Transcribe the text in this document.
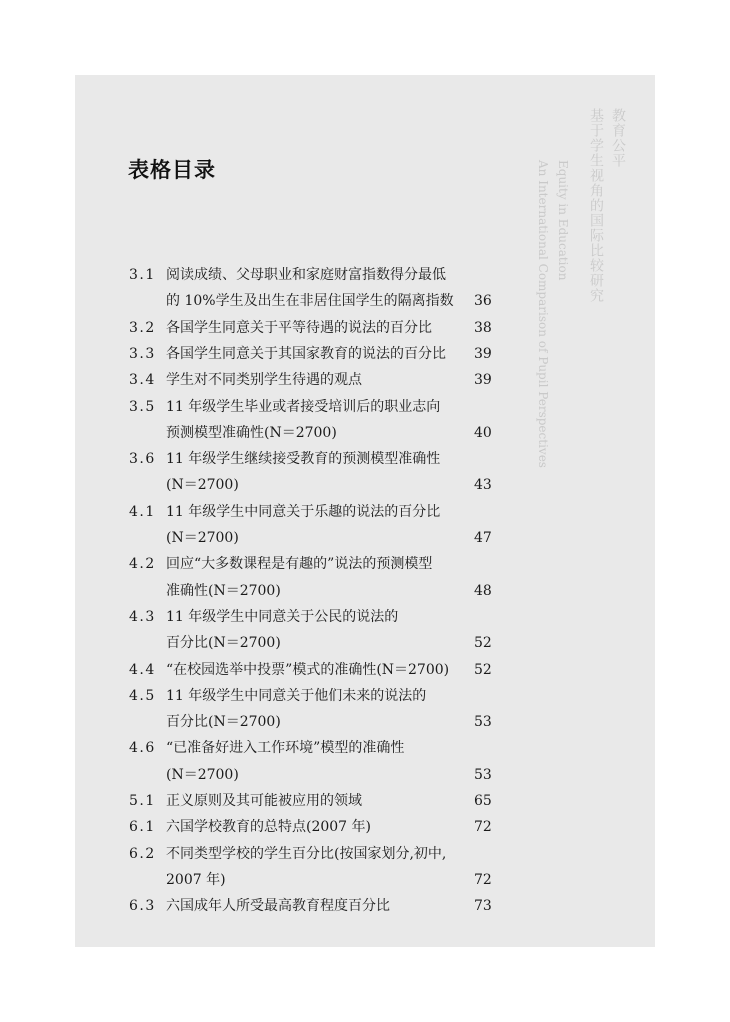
表格目录
教育公平
基于学生视角的国际比较研究
Equity in Education
An International Comparison of Pupil Perspectives
3.1 阅读成绩、父母职业和家庭财富指数得分最低
的 10%学生及出生在非居住国学生的隔离指数 36
3.2 各国学生同意关于平等待遇的说法的百分比	38
3.3 各国学生同意关于其国家教育的说法的百分比 39
3.4 学生对不同类别学生待遇的观点	39
3.5 11 年级学生毕业或者接受培训后的职业志向
预测模型准确性(N＝2700)	40
3.6 11 年级学生继续接受教育的预测模型准确性
(N＝2700)	43
4.1 11 年级学生中同意关于乐趣的说法的百分比
(N＝2700)	47
4.2 回应“大多数课程是有趣的”说法的预测模型
准确性(N＝2700)	48
4.3 11 年级学生中同意关于公民的说法的
百分比(N＝2700)	52
4.4 “在校园选举中投票”模式的准确性(N＝2700) 52
4.5 11 年级学生中同意关于他们未来的说法的
百分比(N＝2700)	53
4.6 “已准备好进入工作环境”模型的准确性
(N＝2700)	53
5.1 正义原则及其可能被应用的领域	65
6.1 六国学校教育的总特点(2007 年)	72
6.2 不同类型学校的学生百分比(按国家划分,初中,
2007 年)	72
6.3 六国成年人所受最高教育程度百分比	73
